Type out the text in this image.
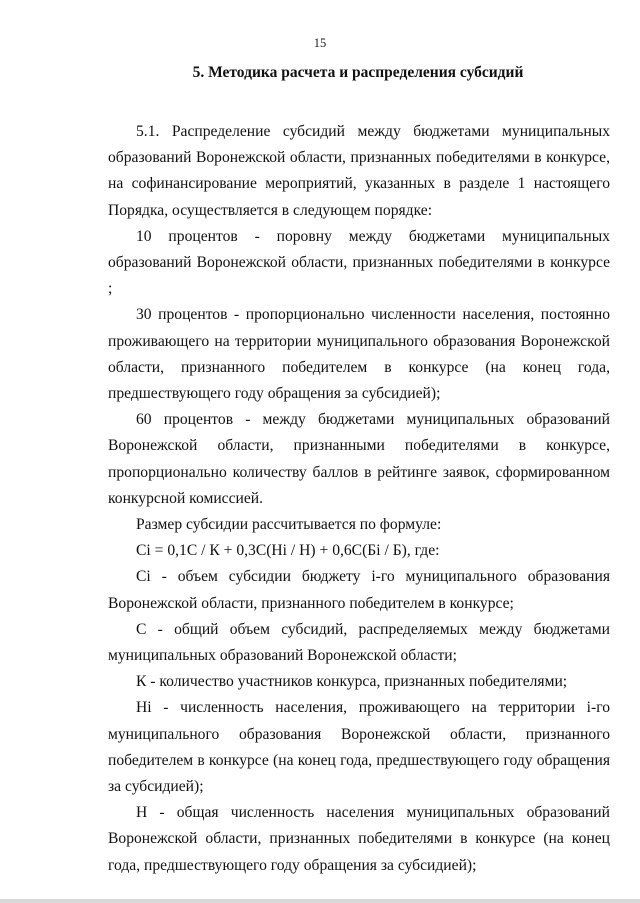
15
5. Методика расчета и распределения субсидий

5.1. Распределение субсидий между бюджетами муниципальных образований Воронежской области, признанных победителями в конкурсе, на софинансирование мероприятий, указанных в разделе 1 настоящего Порядка, осуществляется в следующем порядке:

10 процентов - поровну между бюджетами муниципальных образований Воронежской области, признанных победителями в конкурсе ;

30 процентов - пропорционально численности населения, постоянно проживающего на территории муниципального образования Воронежской области, признанного победителем в конкурсе (на конец года, предшествующего году обращения за субсидией);

60 процентов - между бюджетами муниципальных образований Воронежской области, признанными победителями в конкурсе, пропорционально количеству баллов в рейтинге заявок, сформированном конкурсной комиссией.

Размер субсидии рассчитывается по формуле:

Ci = 0,1С / К + 0,3С(Hi / Н) + 0,6С(Бi / Б), где:

Ci - объем субсидии бюджету i-го муниципального образования Воронежской области, признанного победителем в конкурсе;

С - общий объем субсидий, распределяемых между бюджетами муниципальных образований Воронежской области;

К - количество участников конкурса, признанных победителями;

Hi - численность населения, проживающего на территории i-го муниципального образования Воронежской области, признанного победителем в конкурсе (на конец года, предшествующего году обращения за субсидией);

Н - общая численность населения муниципальных образований Воронежской области, признанных победителями в конкурсе (на конец года, предшествующего году обращения за субсидией);
